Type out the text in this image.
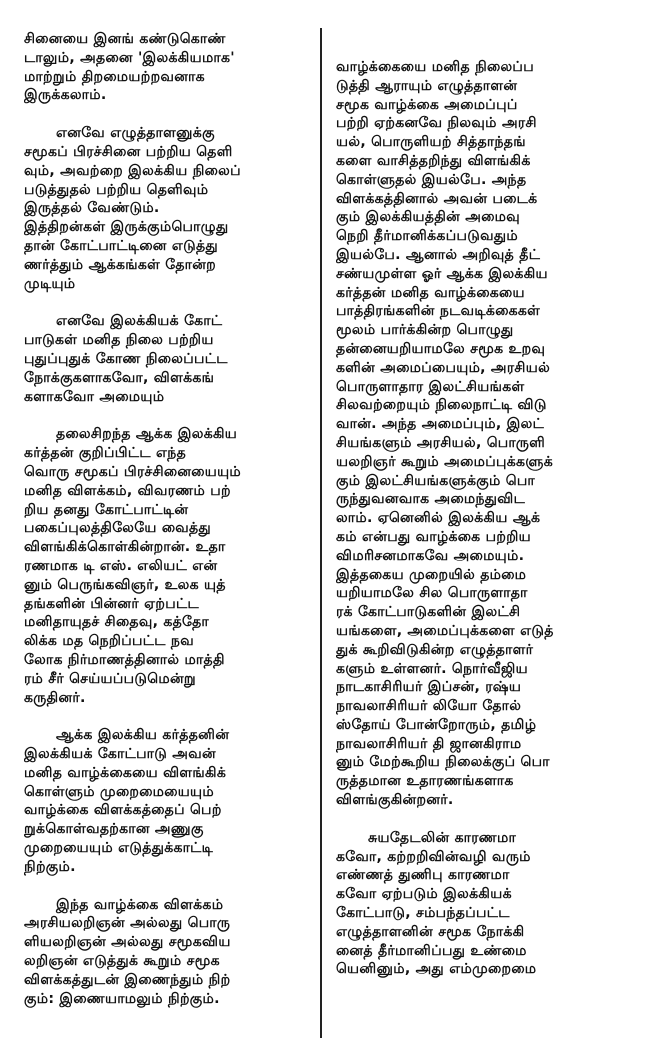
சினையை இனங் கண்டுகொண்
டாலும், அதனை 'இலக்கியமாக'
மாற்றும் திறமையற்றவனாக
இருக்கலாம்.
எனவே எழுத்தாளனுக்கு
சமூகப் பிரச்சினை பற்றிய தெளி
வும், அவற்றை இலக்கிய நிலைப்
படுத்துதல் பற்றிய தெளிவும்
இருத்தல் வேண்டும்.
இத்திறன்கள் இருக்கும்பொழுது
தான் கோட்பாட்டினை எடுத்து
ணர்த்தும் ஆக்கங்கள் தோன்ற
முடியும்
எனவே இலக்கியக் கோட்
பாடுகள் மனித நிலை பற்றிய
புதுப்புதுக் கோண நிலைப்பட்ட
நோக்குகளாகவோ, விளக்கங்
களாகவோ அமையும்
தலைசிறந்த ஆக்க இலக்கிய
கர்த்தன் குறிப்பிட்ட எந்த
வொரு சமூகப் பிரச்சினையையும்
மனித விளக்கம், விவரணம் பற்
றிய தனது கோட்பாட்டின்
பகைப்புலத்திலேயே வைத்து
விளங்கிக்கொள்கின்றான். உதா
ரணமாக டி எஸ். எலியட் என்
னும் பெருங்கவிஞர், உலக யுத்
தங்களின் பின்னர் ஏற்பட்ட
மனிதாயுதச் சிதைவு, கத்தோ
லிக்க மத நெறிப்பட்ட நவ
லோக நிர்மாணத்தினால் மாத்தி
ரம் சீர் செய்யப்படுமென்று
கருதினர்.
ஆக்க இலக்கிய கர்த்தனின்
இலக்கியக் கோட்பாடு அவன்
மனித வாழ்க்கையை விளங்கிக்
கொள்ளும் முறைமையையும்
வாழ்க்கை விளக்கத்தைப் பெற்
றுக்கொள்வதற்கான அணுகு
முறையையும் எடுத்துக்காட்டி
நிற்கும்.
இந்த வாழ்க்கை விளக்கம்
அரசியலறிஞன் அல்லது பொரு
ளியலறிஞன் அல்லது சமூகவிய
லறிஞன் எடுத்துக் கூறும் சமூக
விளக்கத்துடன் இணைந்தும் நிற்
கும்: இணையாமலும் நிற்கும்.
வாழ்க்கையை மனித நிலைப்ப
டுத்தி ஆராயும் எழுத்தாளன்
சமூக வாழ்க்கை அமைப்புப்
பற்றி ஏற்கனவே நிலவும் அரசி
யல், பொருளியற் சித்தாந்தங்
களை வாசித்தறிந்து விளங்கிக்
கொள்ளுதல் இயல்பே. அந்த
விளக்கத்தினால் அவன் படைக்
கும் இலக்கியத்தின் அமைவு
நெறி தீர்மானிக்கப்படுவதும்
இயல்பே. ஆனால் அறிவுத் தீட்
சண்யமுள்ள ஓர் ஆக்க இலக்கிய
கர்த்தன் மனித வாழ்க்கையை
பாத்திரங்களின் நடவடிக்கைகள்
மூலம் பார்க்கின்ற பொழுது
தன்னையறியாமலே சமூக உறவு
களின் அமைப்பையும், அரசியல்
பொருளாதார இலட்சியங்கள்
சிலவற்றையும் நிலைநாட்டி விடு
வான். அந்த அமைப்பும், இலட்
சியங்களும் அரசியல், பொருளி
யலறிஞர் கூறும் அமைப்புக்களுக்
கும் இலட்சியங்களுக்கும் பொ
ருந்துவனவாக அமைந்துவிட
லாம். ஏனெனில் இலக்கிய ஆக்
கம் என்பது வாழ்க்கை பற்றிய
விமரிசனமாகவே அமையும்.
இத்தகைய முறையில் தம்மை
யறியாமலே சில பொருளாதா
ரக் கோட்பாடுகளின் இலட்சி
யங்களை, அமைப்புக்களை எடுத்
துக் கூறிவிடுகின்ற எழுத்தாளர்
களும் உள்ளனர். நொர்வீஜிய
நாடகாசிரியர் இப்சன், ரஷ்ய
நாவலாசிரியர் லியோ தோல்
ஸ்தோய் போன்றோரும், தமிழ்
நாவலாசிரியர் தி ஜானகிராம
னும் மேற்கூறிய நிலைக்குப் பொ
ருத்தமான உதாரணங்களாக
விளங்குகின்றனர்.
சுயதேடலின் காரணமா
கவோ, கற்றறிவின்வழி வரும்
எண்ணத் துணிபு காரணமா
கவோ ஏற்படும் இலக்கியக்
கோட்பாடு, சம்பந்தப்பட்ட
எழுத்தாளனின் சமூக நோக்கி
னைத் தீர்மானிப்பது உண்மை
யெனினும், அது எம்முறைமை
